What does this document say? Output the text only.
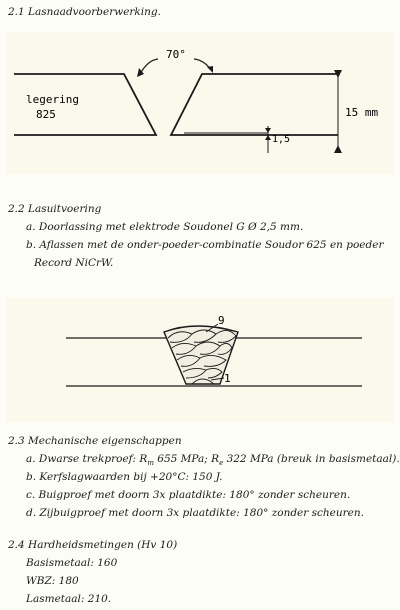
2.1 Lasnaadvoorberwerking.
70°
legering
825	15 mm
1,5
2.2 Lasuitvoering
a. Doorlassing met elektrode Soudonel G Ø 2,5 mm.
b. Aflassen met de onder-poeder-combinatie Soudor 625 en poeder
Record NiCrW.
9
1
2.3 Mechanische eigenschappen
a. Dwarse trekproef: $R_m$ 655 MPa; $R_e$ 322 MPa (breuk in basismetaal).
b. Kerfslagwaarden bij +20°C: 150 J.
c. Buigproef met doorn 3x plaatdikte: 180° zonder scheuren.
d. Zijbuigproef met doorn 3x plaatdikte: 180° zonder scheuren.
2.4 Hardheidsmetingen (Hv 10)
Basismetaal: 160
WBZ: 180
Lasmetaal: 210.
